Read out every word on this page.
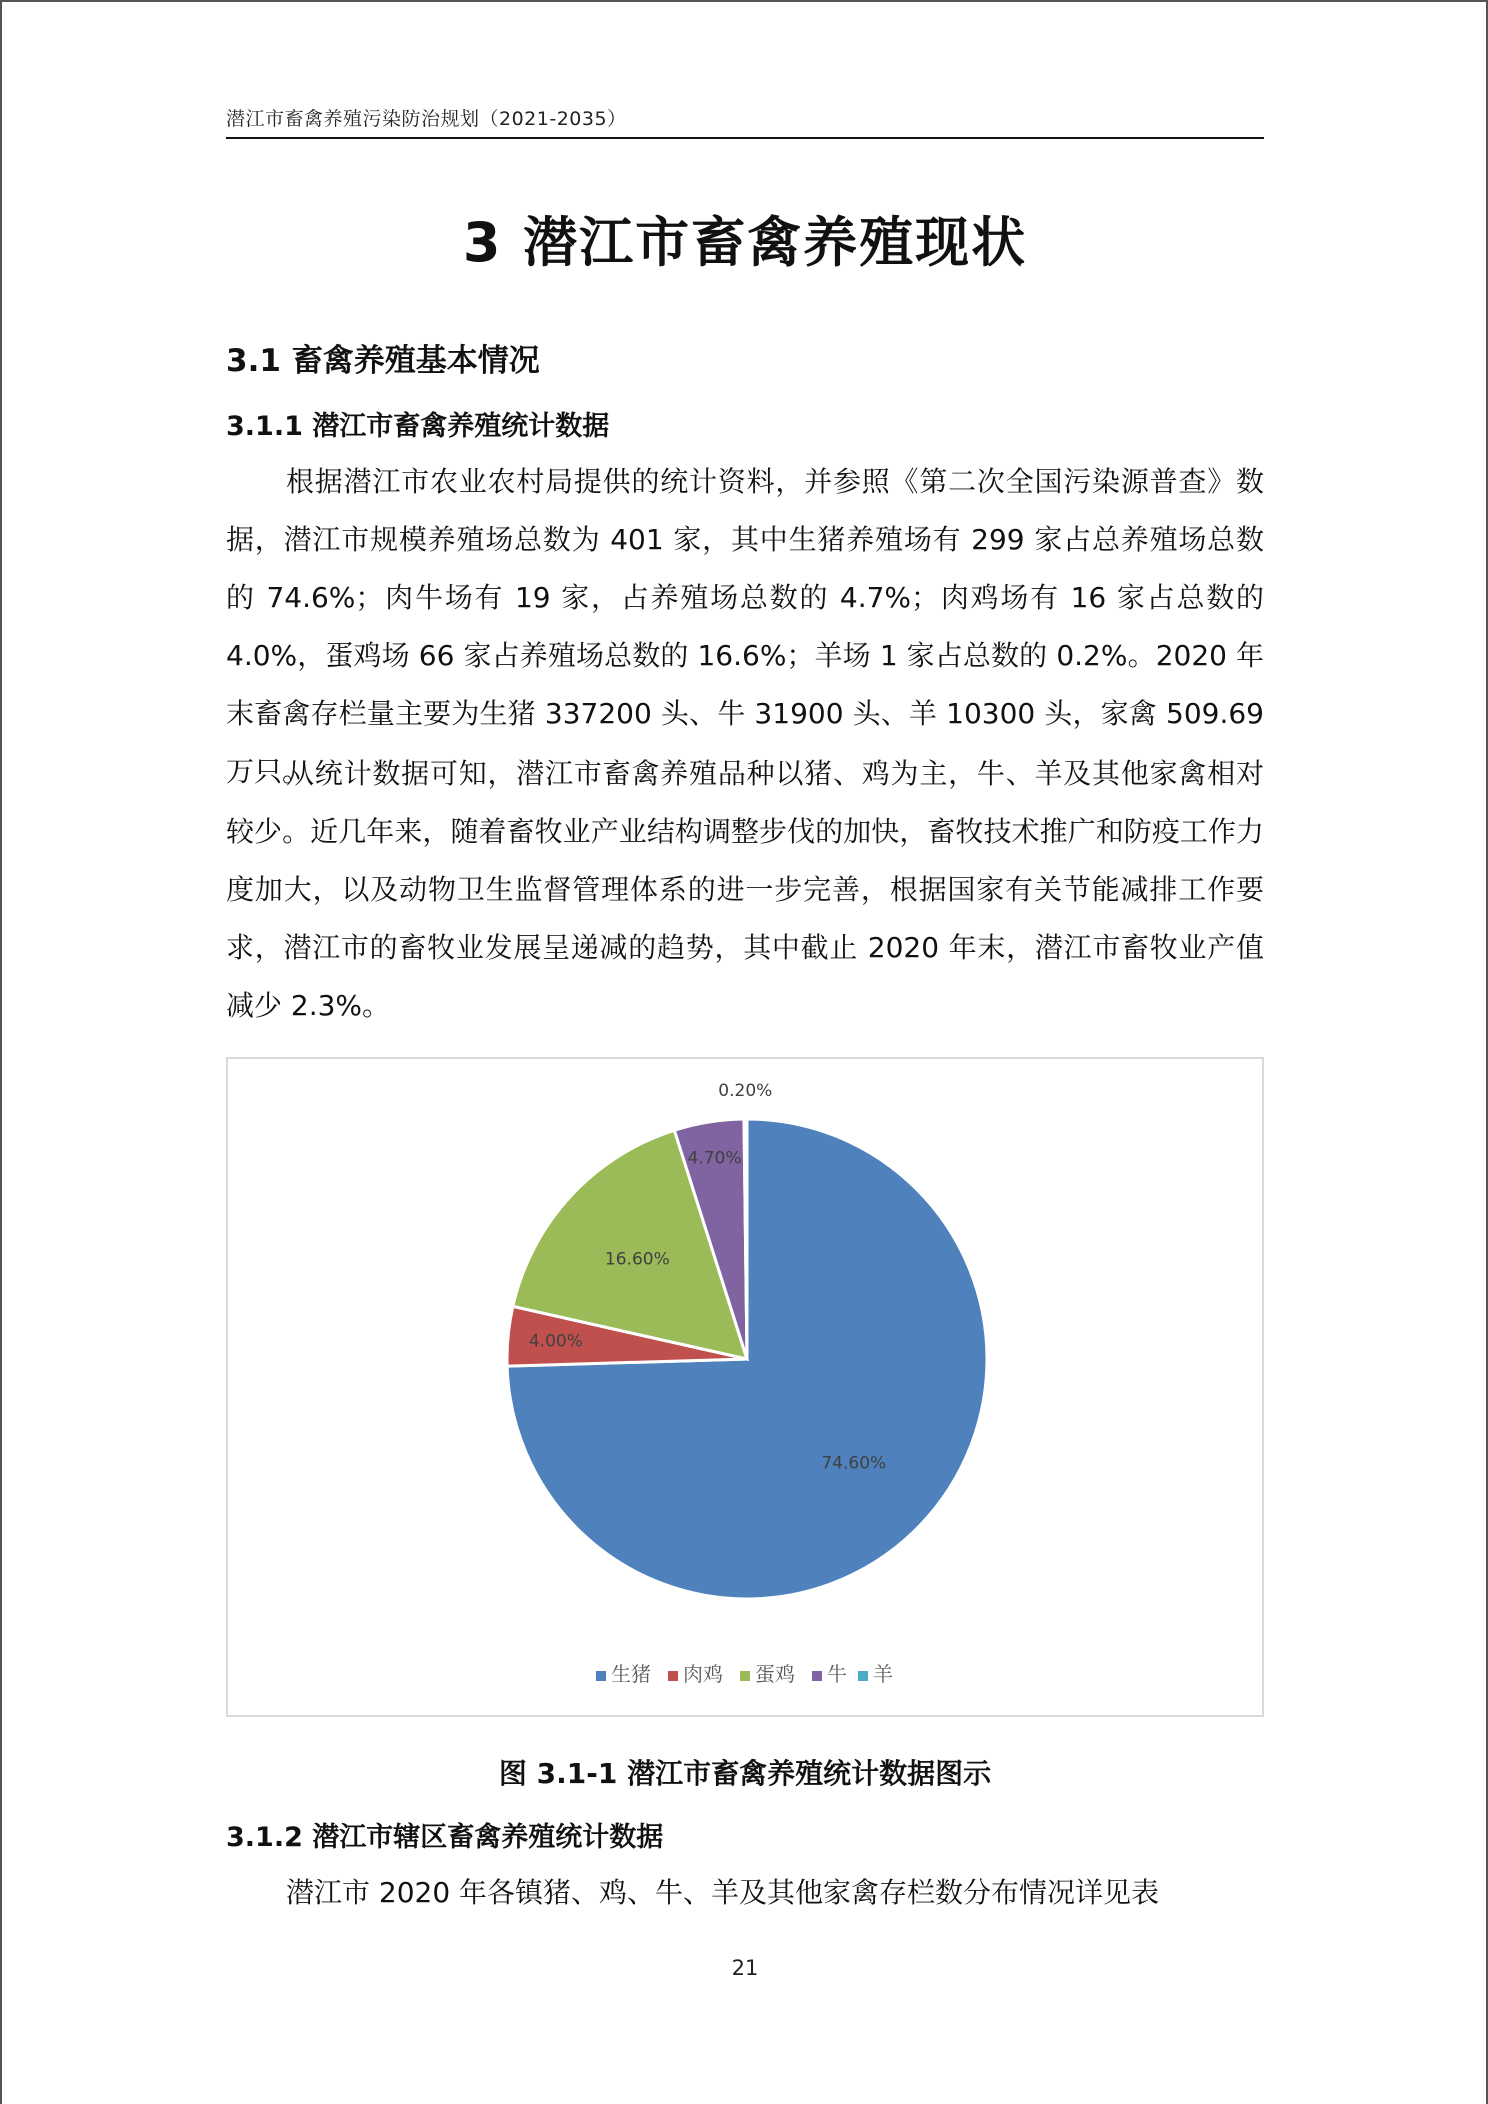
潜江市畜禽养殖污染防治规划（2021-2035）
3 潜江市畜禽养殖现状
3.1 畜禽养殖基本情况
3.1.1 潜江市畜禽养殖统计数据

根据潜江市农业农村局提供的统计资料，并参照《第二次全国污染源普查》数据，潜江市规模养殖场总数为 401 家，其中生猪养殖场有 299 家占总养殖场总数的 74.6%；肉牛场有 19 家，占养殖场总数的 4.7%；肉鸡场有 16 家占总数的 4.0%，蛋鸡场 66 家占养殖场总数的 16.6%；羊场 1 家占总数的 0.2%。2020 年末畜禽存栏量主要为生猪 337200 头、牛 31900 头、羊 10300 头，家禽 509.69 万只。

从统计数据可知，潜江市畜禽养殖品种以猪、鸡为主，牛、羊及其他家禽相对较少。近几年来，随着畜牧业产业结构调整步伐的加快，畜牧技术推广和防疫工作力度加大，以及动物卫生监督管理体系的进一步完善，根据国家有关节能减排工作要求，潜江市的畜牧业发展呈递减的趋势，其中截止 2020 年末，潜江市畜牧业产值减少 2.3%。

74.60%
4.00%
16.60%
4.70%
0.20%
生猪 肉鸡 蛋鸡 牛 羊
图 3.1-1 潜江市畜禽养殖统计数据图示
3.1.2 潜江市辖区畜禽养殖统计数据

潜江市 2020 年各镇猪、鸡、牛、羊及其他家禽存栏数分布情况详见表

21
